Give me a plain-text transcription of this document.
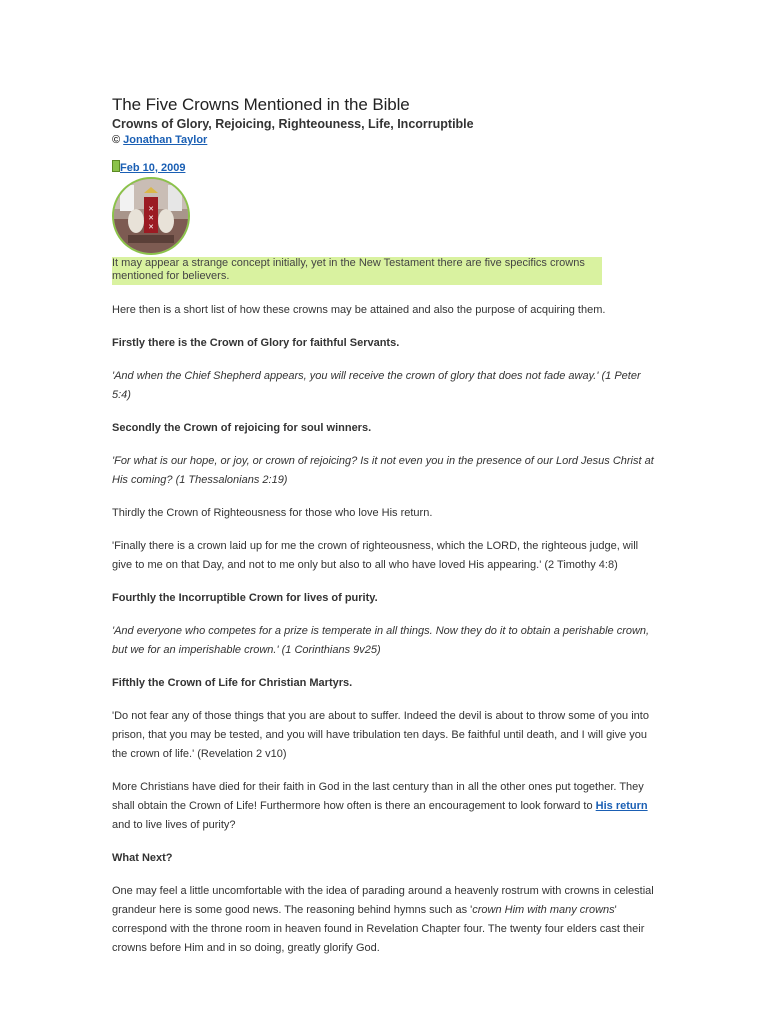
The Five Crowns Mentioned in the Bible

Crowns of Glory, Rejoicing, Righteouness, Life, Incorruptible

© Jonathan Taylor
Feb 10, 2009
✕
✕
✕

It may appear a strange concept initially, yet in the New Testament there are five specifics crowns mentioned for believers.

Here then is a short list of how these crowns may be attained and also the purpose of acquiring them.

Firstly there is the Crown of Glory for faithful Servants.

'And when the Chief Shepherd appears, you will receive the crown of glory that does not fade away.' (1 Peter 5:4)

Secondly the Crown of rejoicing for soul winners.

'For what is our hope, or joy, or crown of rejoicing? Is it not even you in the presence of our Lord Jesus Christ at His coming? (1 Thessalonians 2:19)

Thirdly the Crown of Righteousness for those who love His return.

'Finally there is a crown laid up for me the crown of righteousness, which the LORD, the righteous judge, will give to me on that Day, and not to me only but also to all who have loved His appearing.' (2 Timothy 4:8)

Fourthly the Incorruptible Crown for lives of purity.

'And everyone who competes for a prize is temperate in all things. Now they do it to obtain a perishable crown, but we for an imperishable crown.' (1 Corinthians 9v25)

Fifthly the Crown of Life for Christian Martyrs.

'Do not fear any of those things that you are about to suffer. Indeed the devil is about to throw some of you into prison, that you may be tested, and you will have tribulation ten days. Be faithful until death, and I will give you the crown of life.' (Revelation 2 v10)

More Christians have died for their faith in God in the last century than in all the other ones put together. They shall obtain the Crown of Life! Furthermore how often is there an encouragement to look forward to His return and to live lives of purity?

What Next?

One may feel a little uncomfortable with the idea of parading around a heavenly rostrum with crowns in celestial grandeur here is some good news. The reasoning behind hymns such as 'crown Him with many crowns' correspond with the throne room in heaven found in Revelation Chapter four. The twenty four elders cast their crowns before Him and in so doing, greatly glorify God.
